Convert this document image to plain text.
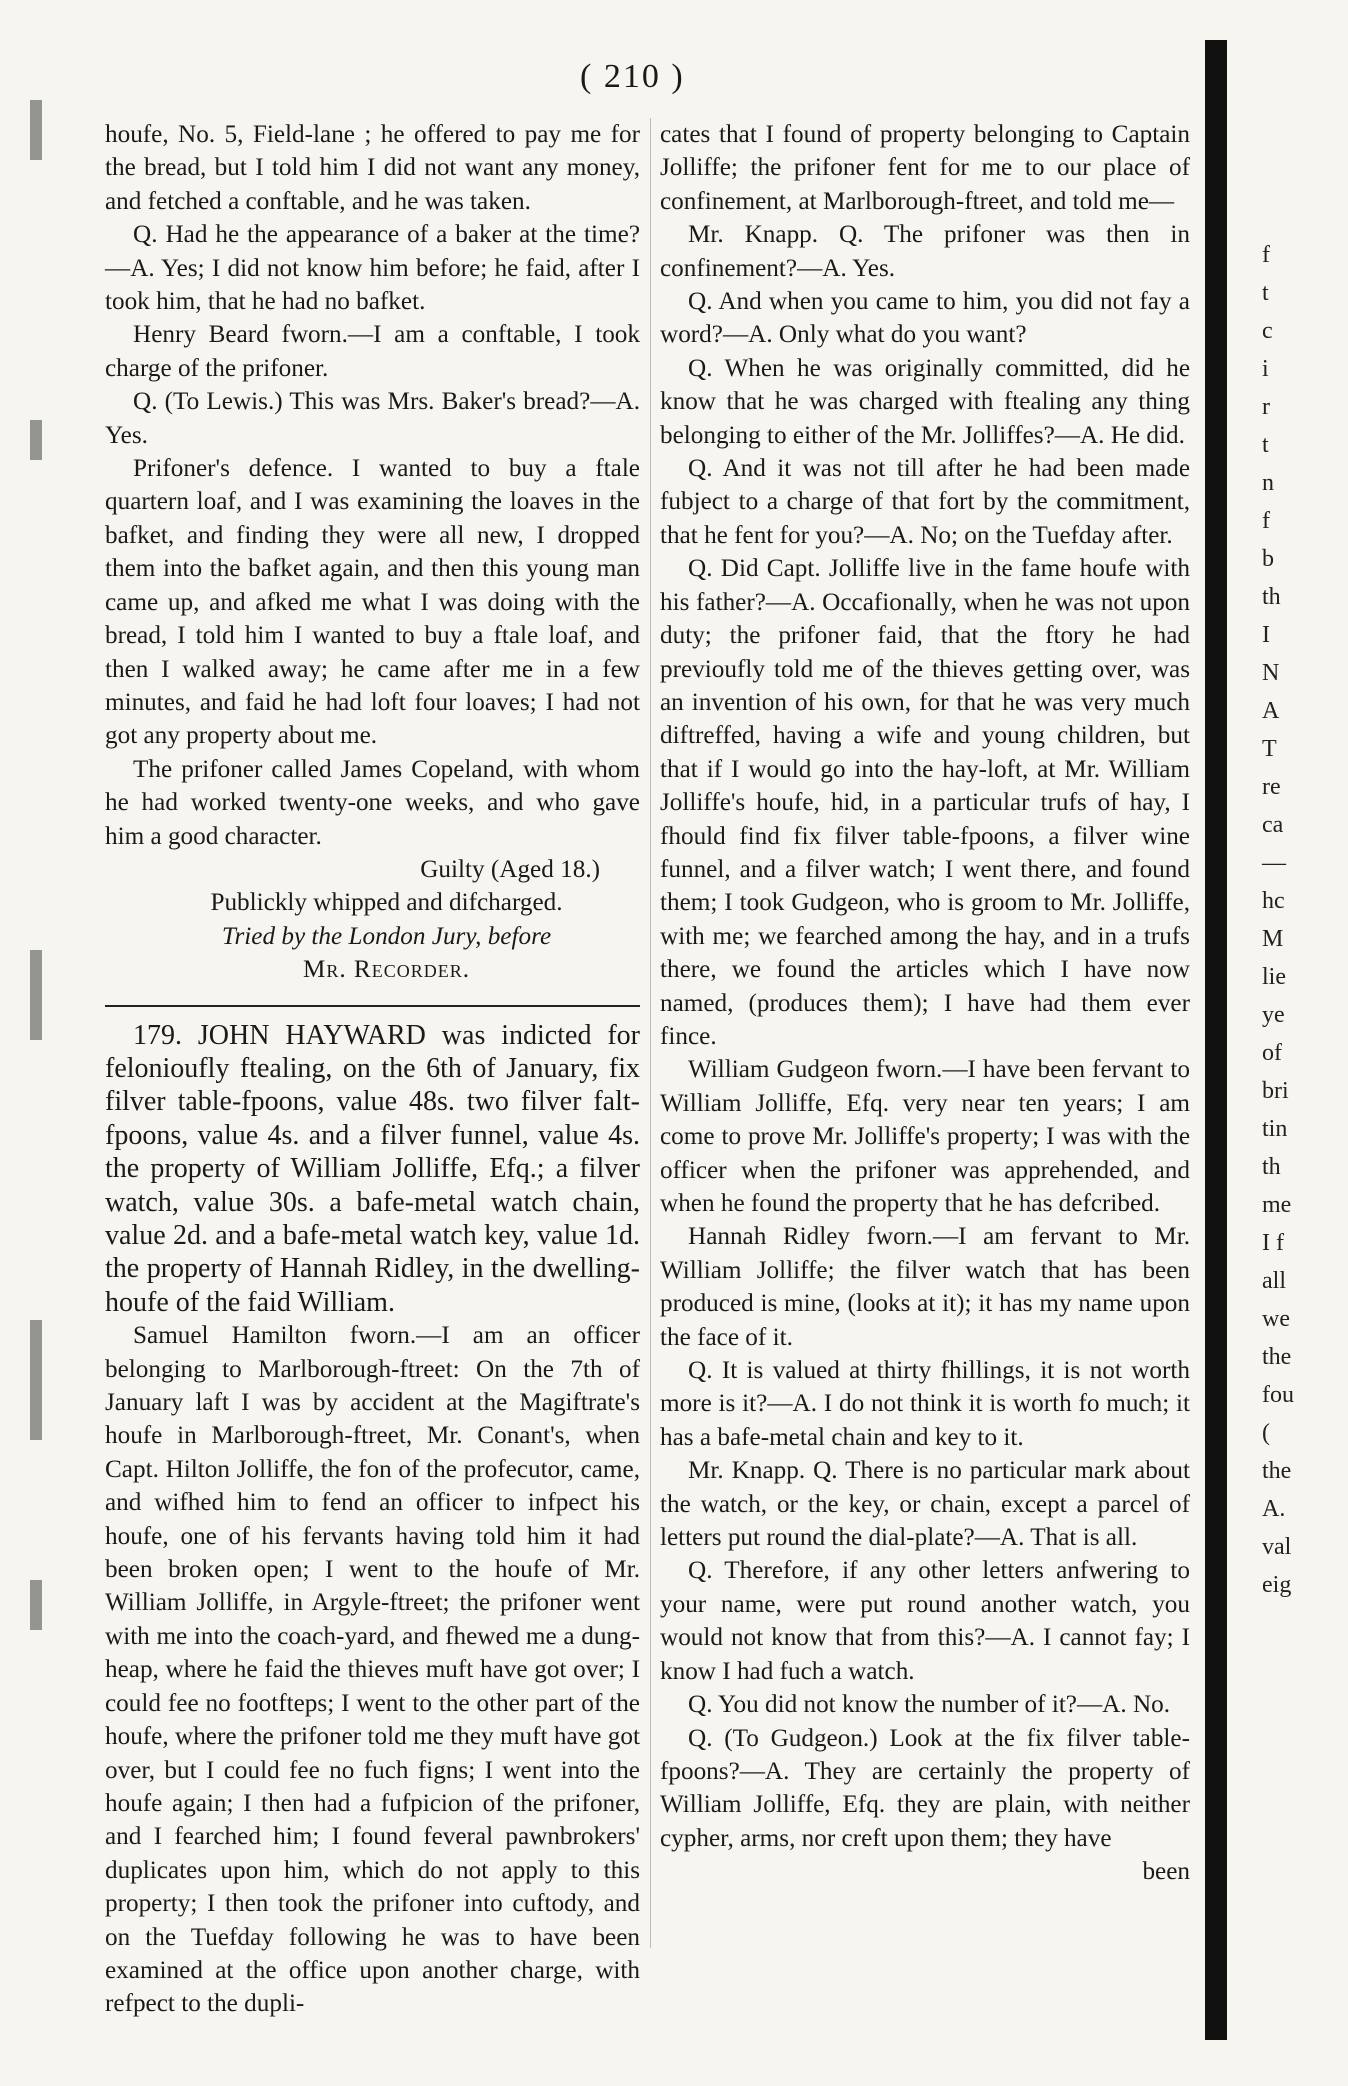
( 210 )

houfe, No. 5, Field-lane ; he offered to pay me for the bread, but I told him I did not want any money, and fetched a conftable, and he was taken.

Q. Had he the appearance of a baker at the time?—A. Yes; I did not know him before; he faid, after I took him, that he had no bafket.

Henry Beard fworn.—I am a conftable, I took charge of the prifoner.

Q. (To Lewis.) This was Mrs. Baker's bread?—A. Yes.

Prifoner's defence. I wanted to buy a ftale quartern loaf, and I was examining the loaves in the bafket, and finding they were all new, I dropped them into the bafket again, and then this young man came up, and afked me what I was doing with the bread, I told him I wanted to buy a ftale loaf, and then I walked away; he came after me in a few minutes, and faid he had loft four loaves; I had not got any property about me.

The prifoner called James Copeland, with whom he had worked twenty-one weeks, and who gave him a good character.

Guilty (Aged 18.)

Publickly whipped and difcharged.

Tried by the London Jury, before

Mr. Recorder.

179. JOHN HAYWARD was indicted for felonioufly ftealing, on the 6th of January, fix filver table-fpoons, value 48s. two filver falt-fpoons, value 4s. and a filver funnel, value 4s. the property of William Jolliffe, Efq.; a filver watch, value 30s. a bafe-metal watch chain, value 2d. and a bafe-metal watch key, value 1d. the property of Hannah Ridley, in the dwelling-houfe of the faid William.

Samuel Hamilton fworn.—I am an officer belonging to Marlborough-ftreet: On the 7th of January laft I was by accident at the Magiftrate's houfe in Marlborough-ftreet, Mr. Conant's, when Capt. Hilton Jolliffe, the fon of the profecutor, came, and wifhed him to fend an officer to infpect his houfe, one of his fervants having told him it had been broken open; I went to the houfe of Mr. William Jolliffe, in Argyle-ftreet; the prifoner went with me into the coach-yard, and fhewed me a dung-heap, where he faid the thieves muft have got over; I could fee no footfteps; I went to the other part of the houfe, where the prifoner told me they muft have got over, but I could fee no fuch figns; I went into the houfe again; I then had a fufpicion of the prifoner, and I fearched him; I found feveral pawnbrokers' duplicates upon him, which do not apply to this property; I then took the prifoner into cuftody, and on the Tuefday following he was to have been examined at the office upon another charge, with refpect to the dupli-

cates that I found of property belonging to Captain Jolliffe; the prifoner fent for me to our place of confinement, at Marlborough-ftreet, and told me—

Mr. Knapp. Q. The prifoner was then in confinement?—A. Yes.

Q. And when you came to him, you did not fay a word?—A. Only what do you want?

Q. When he was originally committed, did he know that he was charged with ftealing any thing belonging to either of the Mr. Jolliffes?—A. He did.

Q. And it was not till after he had been made fubject to a charge of that fort by the commitment, that he fent for you?—A. No; on the Tuefday after.

Q. Did Capt. Jolliffe live in the fame houfe with his father?—A. Occafionally, when he was not upon duty; the prifoner faid, that the ftory he had previoufly told me of the thieves getting over, was an invention of his own, for that he was very much diftreffed, having a wife and young children, but that if I would go into the hay-loft, at Mr. William Jolliffe's houfe, hid, in a particular trufs of hay, I fhould find fix filver table-fpoons, a filver wine funnel, and a filver watch; I went there, and found them; I took Gudgeon, who is groom to Mr. Jolliffe, with me; we fearched among the hay, and in a trufs there, we found the articles which I have now named, (produces them); I have had them ever fince.

William Gudgeon fworn.—I have been fervant to William Jolliffe, Efq. very near ten years; I am come to prove Mr. Jolliffe's property; I was with the officer when the prifoner was apprehended, and when he found the property that he has defcribed.

Hannah Ridley fworn.—I am fervant to Mr. William Jolliffe; the filver watch that has been produced is mine, (looks at it); it has my name upon the face of it.

Q. It is valued at thirty fhillings, it is not worth more is it?—A. I do not think it is worth fo much; it has a bafe-metal chain and key to it.

Mr. Knapp. Q. There is no particular mark about the watch, or the key, or chain, except a parcel of letters put round the dial-plate?—A. That is all.

Q. Therefore, if any other letters anfwering to your name, were put round another watch, you would not know that from this?—A. I cannot fay; I know I had fuch a watch.

Q. You did not know the number of it?—A. No.

Q. (To Gudgeon.) Look at the fix filver table-fpoons?—A. They are certainly the property of William Jolliffe, Efq. they are plain, with neither cypher, arms, nor creft upon them; they have

been

f
t
c
i
r
t
n
f
b
th
I
N
A
T
re
ca
—
hc
M
lie
ye
of
bri
tin
th
me
I f
all
we
the
fou
(
the
A.
val
eig
